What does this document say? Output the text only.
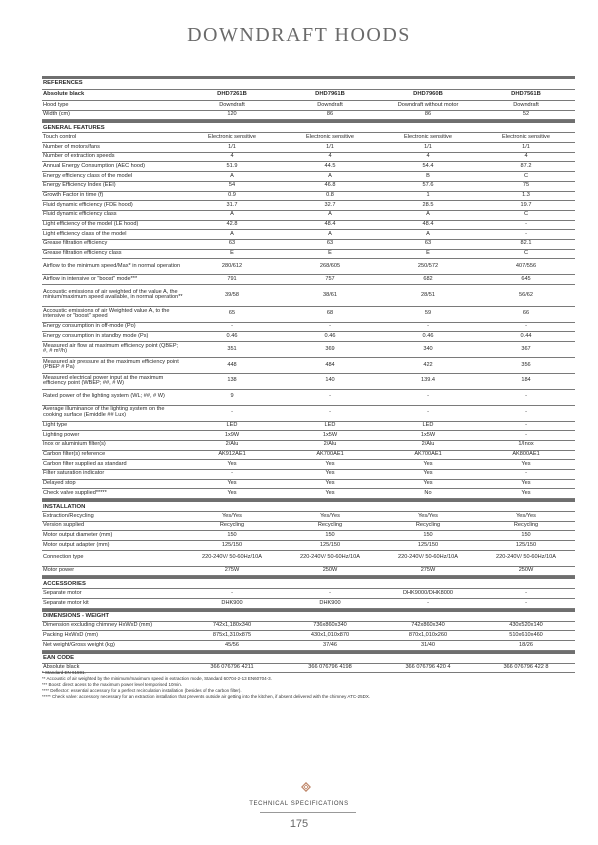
DOWNDRAFT HOODS
REFERENCES
Absolute black	DHD7261B	DHD7961B	DHD7960B	DHD7561B
Hood type	Downdraft	Downdraft	Downdraft without motor	Downdraft
Width (cm)	120	86	86	52
GENERAL FEATURES
Touch control	Electronic sensitive	Electronic sensitive	Electronic sensitive	Electronic sensitive
Number of motors/fans	1/1	1/1	1/1	1/1
Number of extraction speeds	4	4	4	4
Annual Energy Consumption (AEC hood)	51.9	44.5	54.4	87.2
Energy efficiency class of the model	A	A	B	C
Energy Efficiency Index (EEI)	54	46.8	57.6	75
Growth Factor in time (f)	0.9	0.8	1	1.3
Fluid dynamic efficiency (FDE hood)	31.7	32.7	28.5	19.7
Fluid dynamic efficiency class	A	A	A	C
Light efficiency of the model (LE hood)	42.8	48.4	48.4	-
Light efficiency class of the model	A	A	A	-
Grease filtration efficiency	63	63	63	82.1
Grease filtration efficiency class	E	E	E	C
Airflow to the minimum speed/Max* in normal operation	280/612	268/605	250/572	407/556
Airflow in intensive or "boost" mode***	791	757	682	645
Accoustic emissions of air weighted of the value A, the minium/maximum speed available, in normal operation**	39/58	38/61	28/51	56/62
Accoustic emissions of air Weighted value A, to the intensive or "boost" speed	65	68	59	66
Energy consumption in off-mode (Po)	-	-	-	-
Energy consumption in standby mode (Ps)	0.46	0.46	0.46	0.44
Measured air flow at maximum efficiency point (QBEP; #, # m³/h)	351	369	340	367
Measured air pressure at the maximum efficiency point (PBEP # Pa)	448	484	422	356
Measured electrical power input at the maximum efficiency point (WBEP; ##, # W)	138	140	139.4	184
Rated power of the lighting system (WL; ##, # W)	9	-	-	-
Average illuminance of the lighting system on the cooking surface (Emiddle ## Lux)	-	-	-	-
Light type	LED	LED	LED	-
Lighting power	1x9W	1x5W	1x5W	-
Inox or aluminium filter(s)	2/Alu	2/Alu	2/Alu	1/Inox
Carbon filter(s) reference	AK912AE1	AK700AE1	AK700AE1	AK800AE1
Carbon filter supplied as standard	Yes	Yes	Yes	Yes
Filter saturation indicator	-	Yes	Yes	-
Delayed stop	Yes	Yes	Yes	Yes
Check valve supplied*****	Yes	Yes	No	Yes
INSTALLATION
Extraction/Recycling	Yes/Yes	Yes/Yes	Yes/Yes	Yes/Yes
Version supplied	Recycling	Recycling	Recycling	Recycling
Motor output diameter (mm)	150	150	150	150
Motor output adapter (mm)	125/150	125/150	125/150	125/150
Connection type	220-240V/ 50-60Hz/10A	220-240V/ 50-60Hz/10A	220-240V/ 50-60Hz/10A	220-240V/ 50-60Hz/10A
Motor power	275W	250W	275W	250W
ACCESSORIES
Separate motor	-	-	DHK9000/DHK8000	-
Separate motor kit	DHK900	DHK900	-	-
DIMENSIONS - WEIGHT
Dimension excluding chimney HxWxD (mm)	742x1,180x340	736x860x340	742x860x340	430x520x140
Packing HxWxD (mm)	875x1,310x875	430x1,010x870	870x1,010x260	510x610x460
Net weight/Gross weight (kg)	45/56	37/46	31/40	18/26
EAN CODE
Absolute black	366 076796 4211	366 076796 4198	366 076796 420 4	366 076796 422 8
* Standard EN 61591.
** Accoustic of air weighted by the minimum/maximum speed in extraction mode, Standard 60704-2-13 EN60704-3.
*** Boost: direct acess to the maximum power level temporised 10min.
**** Deflector: essential accessory for a perfect recirculation installation (besides of the carbon filter).
***** Check valve: accessory necessary for an extraction installation that prevents outside air getting into the kitchen, if absent delivered with the chimney ATC-25DX.
TECHNICAL SPECIFICATIONS
175
